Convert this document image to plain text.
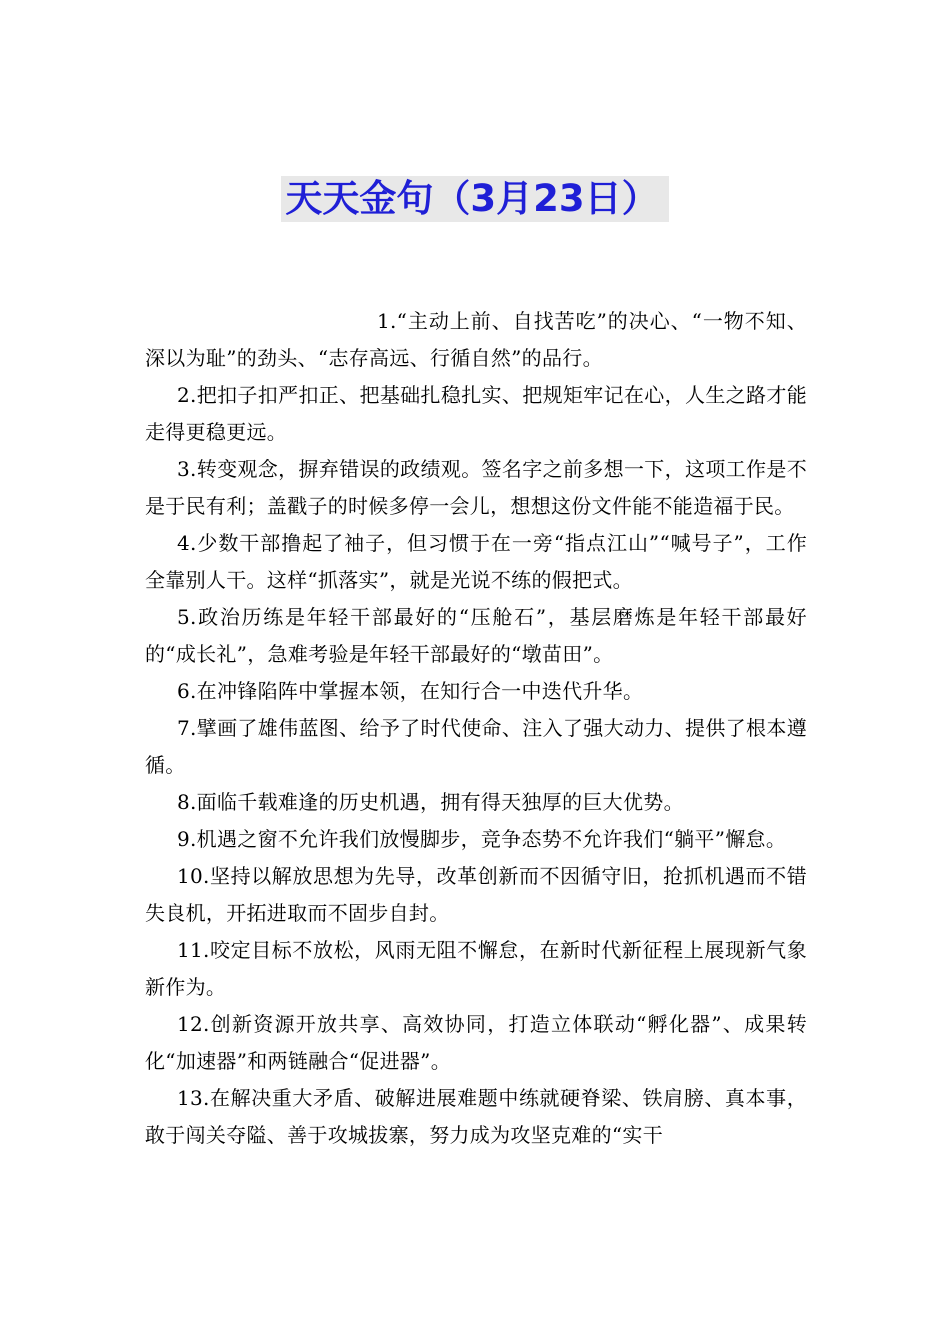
天天金句（3月23日）

1.“主动上前、自找苦吃”的决心、“一物不知、深以为耻”的劲头、“志存高远、行循自然”的品行。

2.把扣子扣严扣正、把基础扎稳扎实、把规矩牢记在心，人生之路才能走得更稳更远。

3.转变观念，摒弃错误的政绩观。签名字之前多想一下，这项工作是不是于民有利；盖戳子的时候多停一会儿，想想这份文件能不能造福于民。

4.少数干部撸起了袖子，但习惯于在一旁“指点江山”“喊号子”，工作全靠别人干。这样“抓落实”，就是光说不练的假把式。

5.政治历练是年轻干部最好的“压舱石”，基层磨炼是年轻干部最好的“成长礼”，急难考验是年轻干部最好的“墩苗田”。

6.在冲锋陷阵中掌握本领，在知行合一中迭代升华。

7.擘画了雄伟蓝图、给予了时代使命、注入了强大动力、提供了根本遵循。

8.面临千载难逢的历史机遇，拥有得天独厚的巨大优势。

9.机遇之窗不允许我们放慢脚步，竞争态势不允许我们“躺平”懈怠。

10.坚持以解放思想为先导，改革创新而不因循守旧，抢抓机遇而不错失良机，开拓进取而不固步自封。

11.咬定目标不放松，风雨无阻不懈怠，在新时代新征程上展现新气象新作为。

12.创新资源开放共享、高效协同，打造立体联动“孵化器”、成果转化“加速器”和两链融合“促进器”。

13.在解决重大矛盾、破解进展难题中练就硬脊梁、铁肩膀、真本事，敢于闯关夺隘、善于攻城拔寨，努力成为攻坚克难的“实干
